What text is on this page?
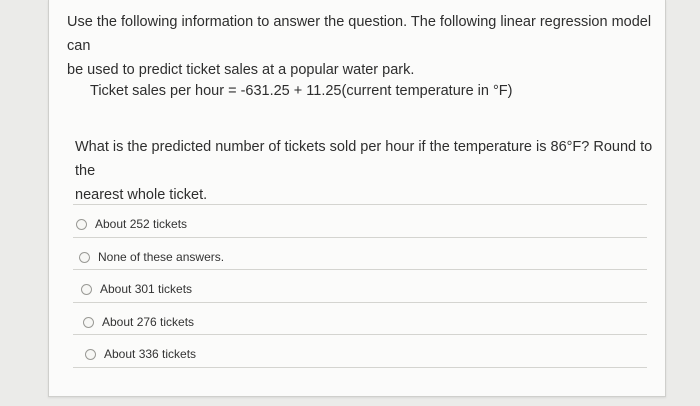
Use the following information to answer the question. The following linear regression model can
be used to predict ticket sales at a popular water park.
Ticket sales per hour = -631.25 + 11.25(current temperature in °F)
What is the predicted number of tickets sold per hour if the temperature is 86°F? Round to the
nearest whole ticket.
About 252 tickets
None of these answers.
About 301 tickets
About 276 tickets
About 336 tickets
